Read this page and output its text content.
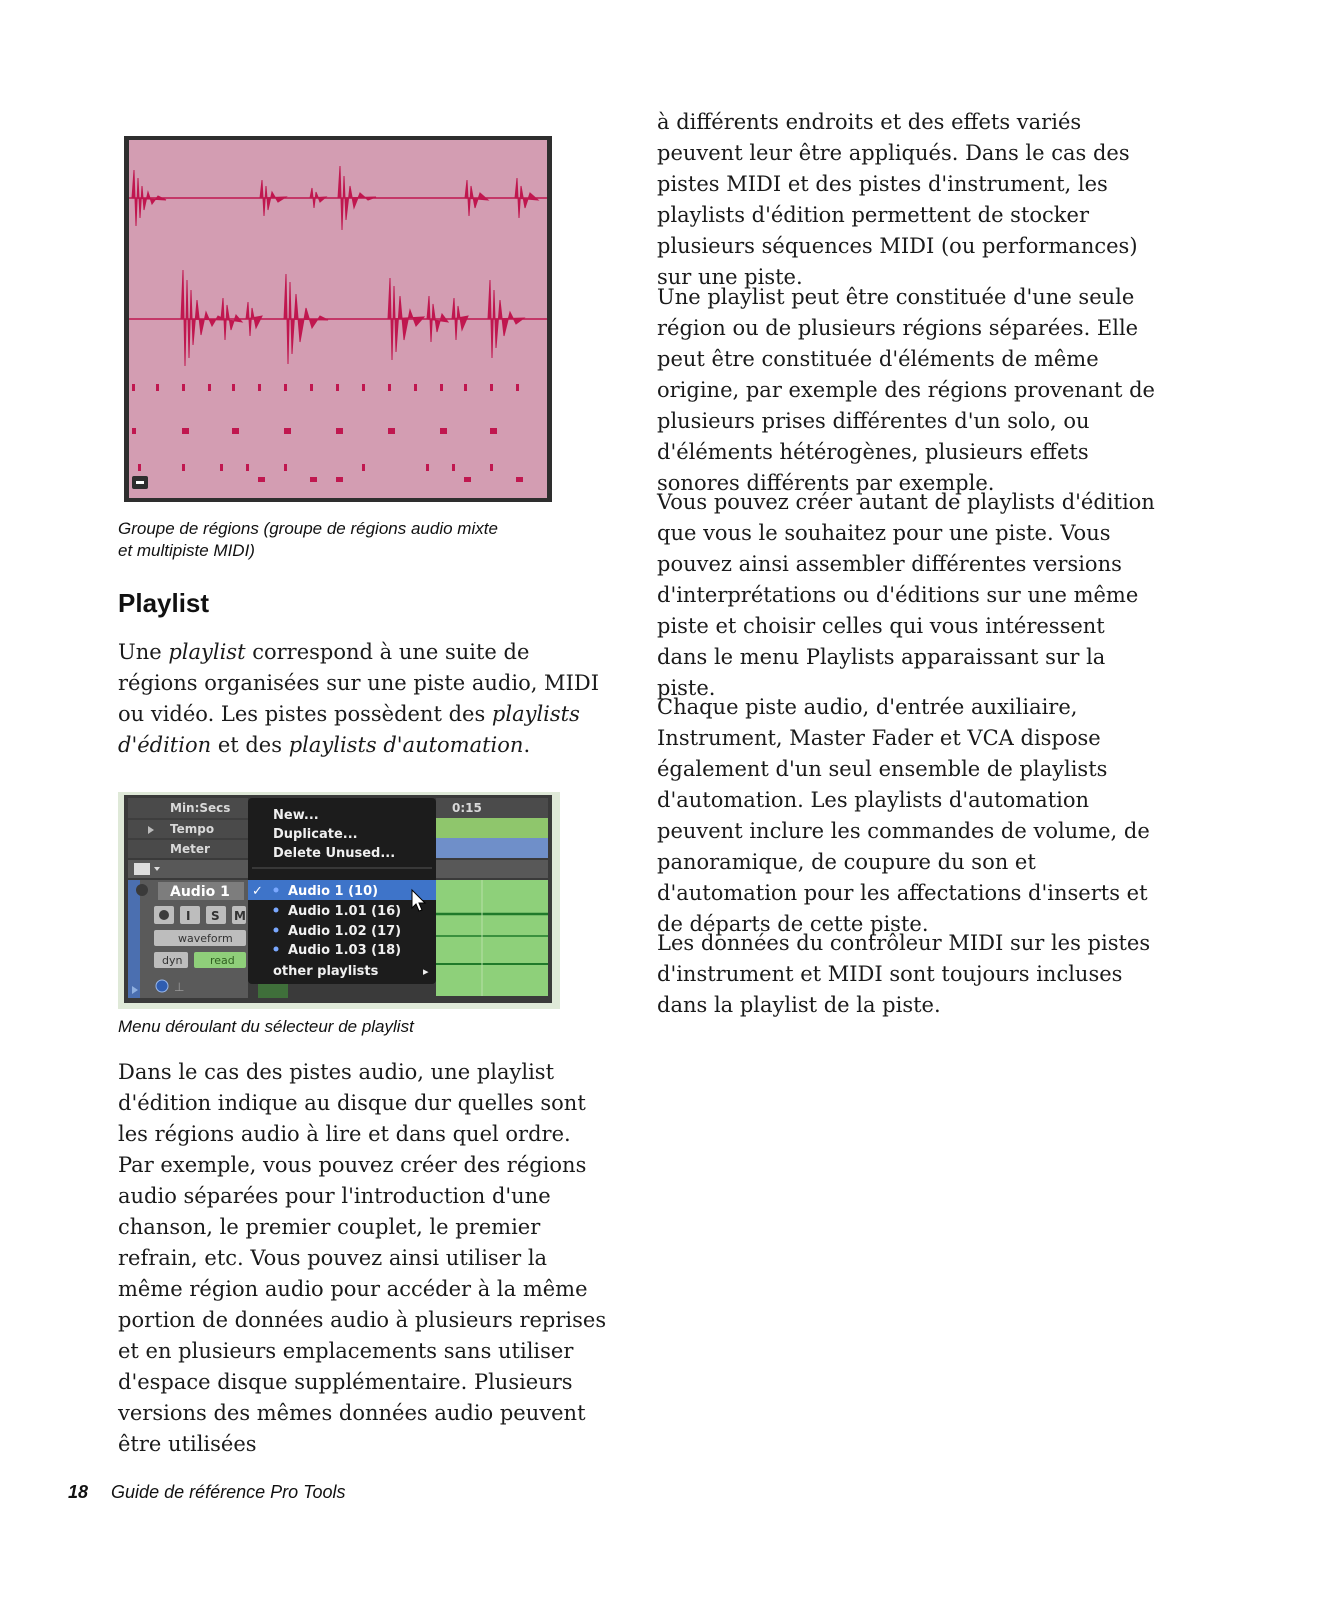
Groupe de régions (groupe de régions audio mixte
et multipiste MIDI)
Playlist

Une playlist correspond à une suite de régions organisées sur une piste audio, MIDI ou vidéo. Les pistes possèdent des playlists d'édition et des playlists d'automation.

Min:Secs
Tempo
Meter
0:15
Audio 1
I S M
waveform
dyn	read
⊥
New...
Duplicate...
Delete Unused...
✓ Audio 1 (10)
Audio 1.01 (16)
Audio 1.02 (17)
Audio 1.03 (18)
other playlists	▸
Menu déroulant du sélecteur de playlist

Dans le cas des pistes audio, une playlist d'édition indique au disque dur quelles sont les régions audio à lire et dans quel ordre. Par exemple, vous pouvez créer des régions audio séparées pour l'introduction d'une chanson, le premier couplet, le premier refrain, etc. Vous pouvez ainsi utiliser la même région audio pour accéder à la même portion de données audio à plusieurs reprises et en plusieurs emplacements sans utiliser d'espace disque supplémentaire. Plusieurs versions des mêmes données audio peuvent être utilisées

à différents endroits et des effets variés peuvent leur être appliqués. Dans le cas des pistes MIDI et des pistes d'instrument, les playlists d'édition permettent de stocker plusieurs séquences MIDI (ou performances) sur une piste.

Une playlist peut être constituée d'une seule région ou de plusieurs régions séparées. Elle peut être constituée d'éléments de même origine, par exemple des régions provenant de plusieurs prises différentes d'un solo, ou d'éléments hétérogènes, plusieurs effets sonores différents par exemple.

Vous pouvez créer autant de playlists d'édition que vous le souhaitez pour une piste. Vous pouvez ainsi assembler différentes versions d'interprétations ou d'éditions sur une même piste et choisir celles qui vous intéressent dans le menu Playlists apparaissant sur la piste.

Chaque piste audio, d'entrée auxiliaire, Instrument, Master Fader et VCA dispose également d'un seul ensemble de playlists d'automation. Les playlists d'automation peuvent inclure les commandes de volume, de panoramique, de coupure du son et d'automation pour les affectations d'inserts et de départs de cette piste.

Les données du contrôleur MIDI sur les pistes d'instrument et MIDI sont toujours incluses dans la playlist de la piste.

18 Guide de référence Pro Tools
